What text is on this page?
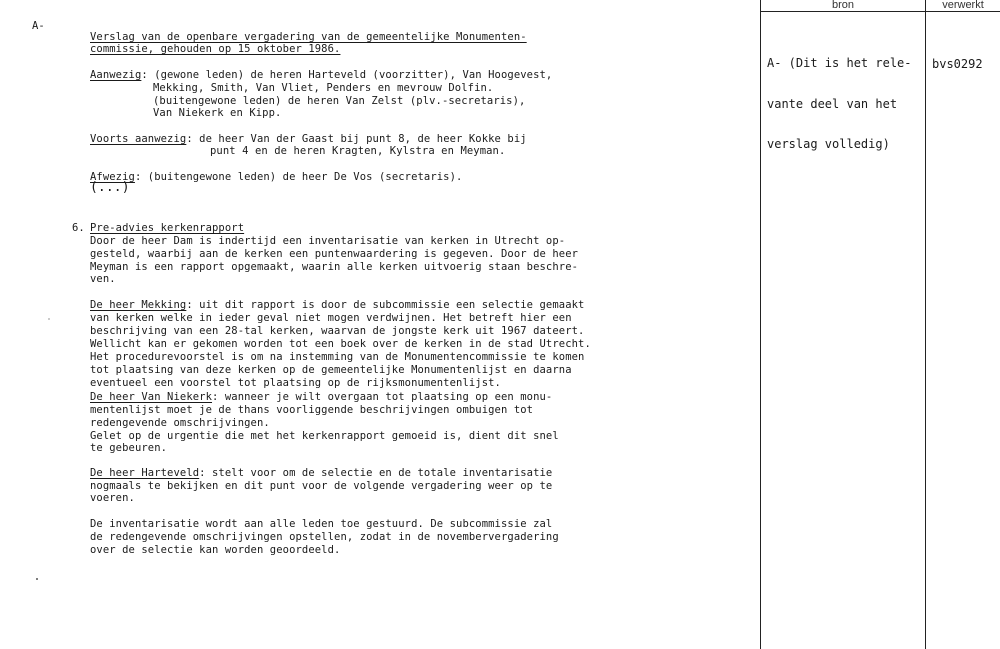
A-
Verslag van de openbare vergadering van de gemeentelijke Monumenten-
commissie, gehouden op 15 oktober 1986.
Aanwezig: (gewone leden) de heren Harteveld (voorzitter), Van Hoogevest,
Mekking, Smith, Van Vliet, Penders en mevrouw Dolfin.
(buitengewone leden) de heren Van Zelst (plv.-secretaris),
Van Niekerk en Kipp.
Voorts aanwezig: de heer Van der Gaast bij punt 8, de heer Kokke bij
punt 4 en de heren Kragten, Kylstra en Meyman.
Afwezig: (buitengewone leden) de heer De Vos (secretaris).
(...)
6. Pre-advies kerkenrapport
Door de heer Dam is indertijd een inventarisatie van kerken in Utrecht op-
gesteld, waarbij aan de kerken een puntenwaardering is gegeven. Door de heer
Meyman is een rapport opgemaakt, waarin alle kerken uitvoerig staan beschre-
ven.
De heer Mekking: uit dit rapport is door de subcommissie een selectie gemaakt
van kerken welke in ieder geval niet mogen verdwijnen. Het betreft hier een
beschrijving van een 28-tal kerken, waarvan de jongste kerk uit 1967 dateert.
Wellicht kan er gekomen worden tot een boek over de kerken in de stad Utrecht.
Het procedurevoorstel is om na instemming van de Monumentencommissie te komen
tot plaatsing van deze kerken op de gemeentelijke Monumentenlijst en daarna
eventueel een voorstel tot plaatsing op de rijksmonumentenlijst.
De heer Van Niekerk: wanneer je wilt overgaan tot plaatsing op een monu-
mentenlijst moet je de thans voorliggende beschrijvingen ombuigen tot
redengevende omschrijvingen.
Gelet op de urgentie die met het kerkenrapport gemoeid is, dient dit snel
te gebeuren.
De heer Harteveld: stelt voor om de selectie en de totale inventarisatie
nogmaals te bekijken en dit punt voor de volgende vergadering weer op te
voeren.
De inventarisatie wordt aan alle leden toe gestuurd. De subcommissie zal
de redengevende omschrijvingen opstellen, zodat in de novembervergadering
over de selectie kan worden geoordeeld.
bron	verwerkt

A- (Dit is het rele-

vante deel van het

verslag volledig)

bvs0292
